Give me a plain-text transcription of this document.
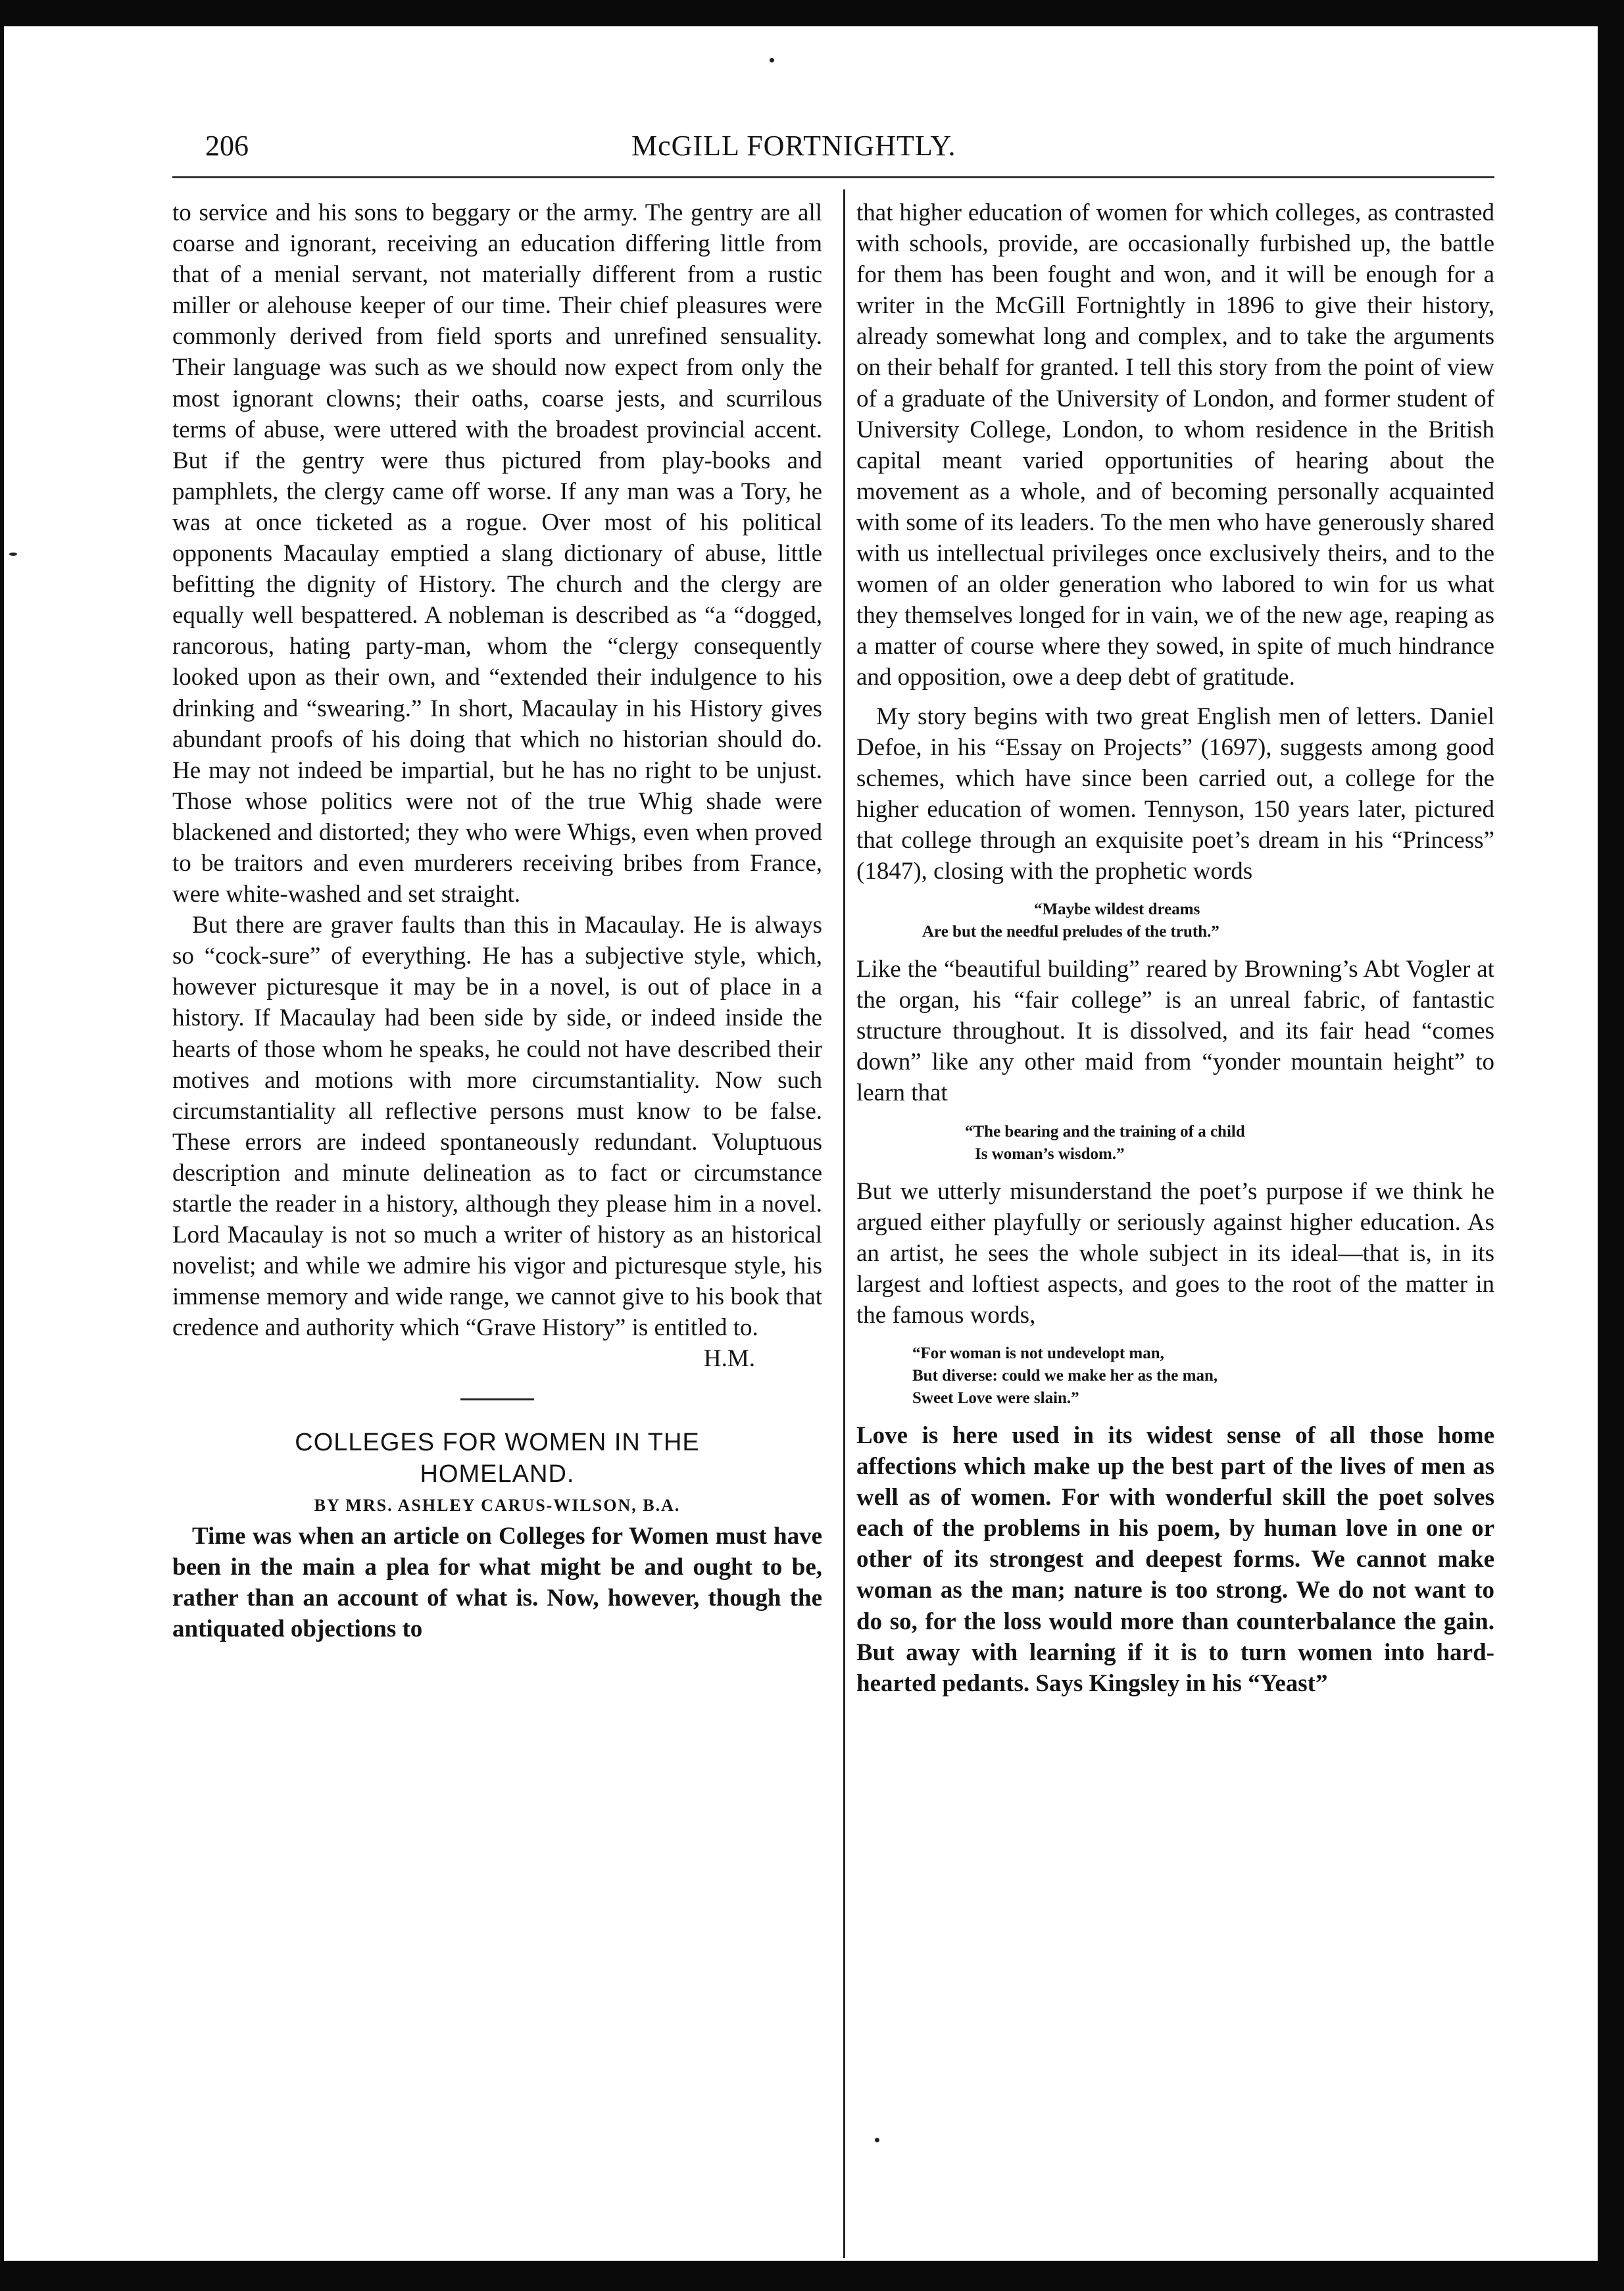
206	McGILL FORTNIGHTLY.

to service and his sons to beggary or the army. The gentry are all coarse and ignorant, receiving an education differing little from that of a menial servant, not materially different from a rustic miller or alehouse keeper of our time. Their chief pleasures were commonly derived from field sports and unrefined sensuality. Their language was such as we should now expect from only the most ignorant clowns; their oaths, coarse jests, and scurrilous terms of abuse, were uttered with the broadest provincial accent. But if the gentry were thus pictured from play-books and pamphlets, the clergy came off worse. If any man was a Tory, he was at once ticketed as a rogue. Over most of his political opponents Macaulay emptied a slang dictionary of abuse, little befitting the dignity of History. The church and the clergy are equally well bespattered. A nobleman is described as “a “dogged, rancorous, hating party-man, whom the “clergy consequently looked upon as their own, and “extended their indulgence to his drinking and “swearing.” In short, Macaulay in his History gives abundant proofs of his doing that which no historian should do. He may not indeed be impartial, but he has no right to be unjust. Those whose politics were not of the true Whig shade were blackened and distorted; they who were Whigs, even when proved to be traitors and even murderers receiving bribes from France, were white-washed and set straight.

But there are graver faults than this in Macaulay. He is always so “cock-sure” of everything. He has a subjective style, which, however picturesque it may be in a novel, is out of place in a history. If Macaulay had been side by side, or indeed inside the hearts of those whom he speaks, he could not have described their motives and motions with more circumstantiality. Now such circumstantiality all reflective persons must know to be false. These errors are indeed spontaneously redundant. Voluptuous description and minute delineation as to fact or circumstance startle the reader in a history, although they please him in a novel. Lord Macaulay is not so much a writer of history as an historical novelist; and while we admire his vigor and picturesque style, his immense memory and wide range, we cannot give to his book that credence and authority which “Grave History” is entitled to.

H.M.

COLLEGES FOR WOMEN IN THE

HOMELAND.

BY MRS. ASHLEY CARUS-WILSON, B.A.

Time was when an article on Colleges for Women must have been in the main a plea for what might be and ought to be, rather than an account of what is. Now, however, though the antiquated objections to

that higher education of women for which colleges, as contrasted with schools, provide, are occasionally furbished up, the battle for them has been fought and won, and it will be enough for a writer in the McGill Fortnightly in 1896 to give their history, already somewhat long and complex, and to take the arguments on their behalf for granted. I tell this story from the point of view of a graduate of the University of London, and former student of University College, London, to whom residence in the British capital meant varied opportunities of hearing about the movement as a whole, and of becoming personally acquainted with some of its leaders. To the men who have generously shared with us intellectual privileges once exclusively theirs, and to the women of an older generation who labored to win for us what they themselves longed for in vain, we of the new age, reaping as a matter of course where they sowed, in spite of much hindrance and opposition, owe a deep debt of gratitude.

My story begins with two great English men of letters. Daniel Defoe, in his “Essay on Projects” (1697), suggests among good schemes, which have since been carried out, a college for the higher education of women. Tennyson, 150 years later, pictured that college through an exquisite poet’s dream in his “Princess” (1847), closing with the prophetic words

“Maybe wildest dreams
Are but the needful preludes of the truth.”

Like the “beautiful building” reared by Browning’s Abt Vogler at the organ, his “fair college” is an unreal fabric, of fantastic structure throughout. It is dissolved, and its fair head “comes down” like any other maid from “yonder mountain height” to learn that

“The bearing and the training of a child
Is woman’s wisdom.”

But we utterly misunderstand the poet’s purpose if we think he argued either playfully or seriously against higher education. As an artist, he sees the whole subject in its ideal—that is, in its largest and loftiest aspects, and goes to the root of the matter in the famous words,

“For woman is not undevelopt man,
But diverse: could we make her as the man,
Sweet Love were slain.”

Love is here used in its widest sense of all those home affections which make up the best part of the lives of men as well as of women. For with wonderful skill the poet solves each of the problems in his poem, by human love in one or other of its strongest and deepest forms. We cannot make woman as the man; nature is too strong. We do not want to do so, for the loss would more than counterbalance the gain. But away with learning if it is to turn women into hard-hearted pedants. Says Kingsley in his “Yeast”
